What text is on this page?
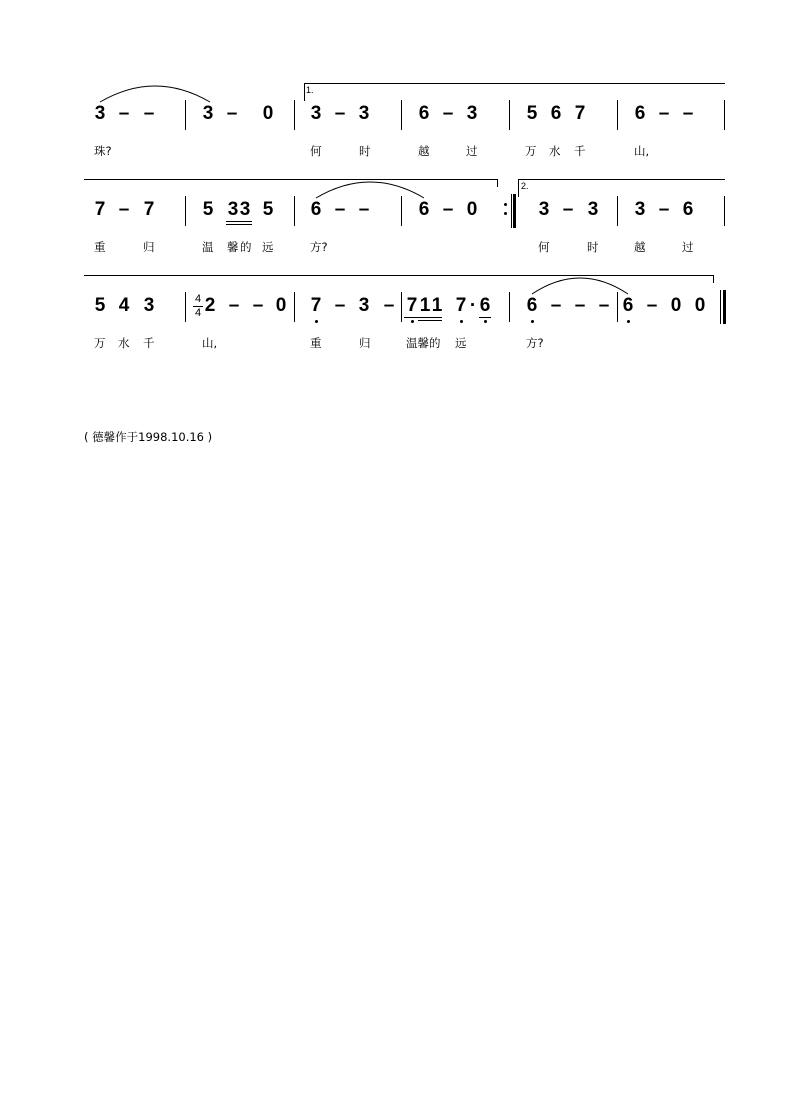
3 – –	3 – 0 3 – 3	6 – 3	5 6 7	6 – –
珠?	何	时	越	过	万 水 千	山,
1.
7 – 7	5 3 3 5 6 – –	6 – 0	3 – 3 3 – 6
重	归	温 馨 的 远	方?	何	时	越	过
2.
5 4 3	4
4 2 – – 0 7 – 3 – 7 1 1 7 · 6 6 – – – 6 – 0 0
万 水 千	山,	重	归	温馨的 远	方?
( 德馨作于1998.10.16 )
